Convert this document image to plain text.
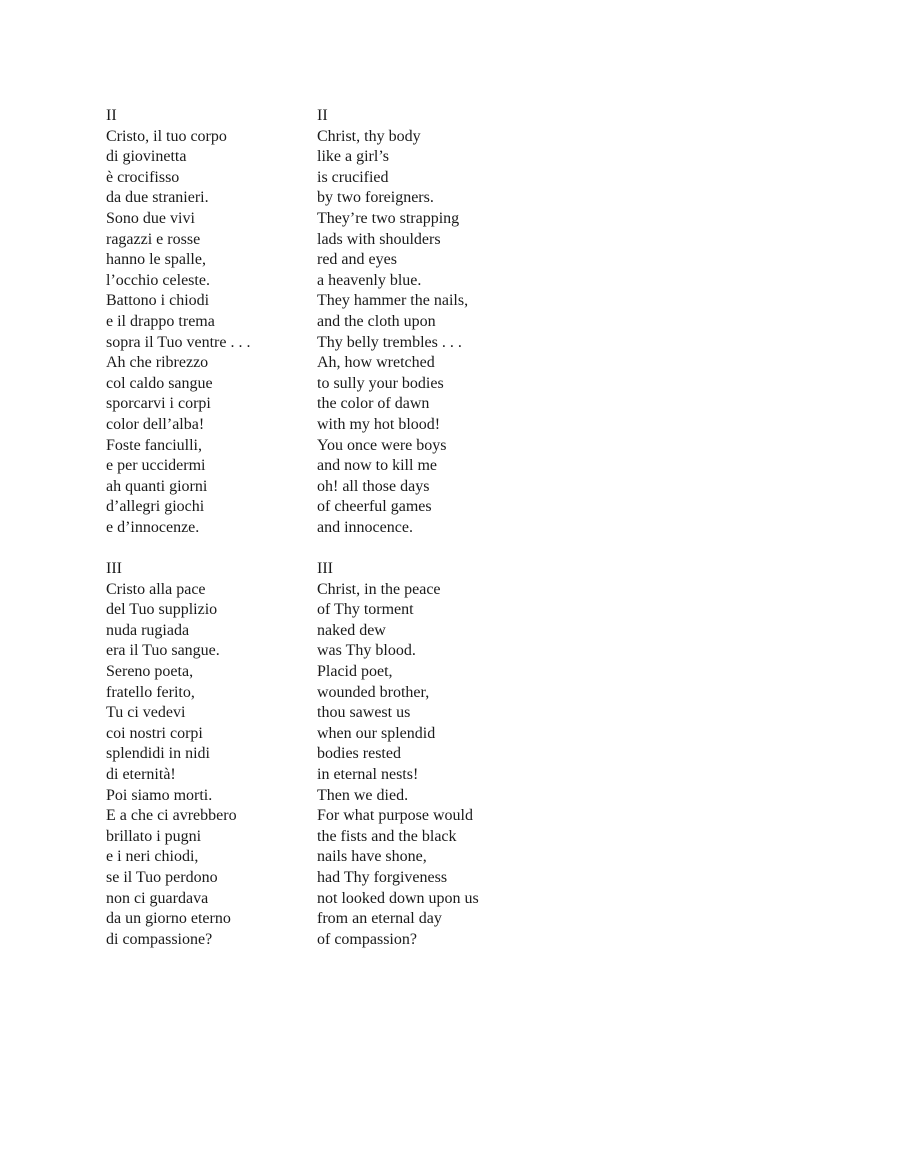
II
Cristo, il tuo corpo
di giovinetta
è crocifisso
da due stranieri.
Sono due vivi
ragazzi e rosse
hanno le spalle,
l’occhio celeste.
Battono i chiodi
e il drappo trema
sopra il Tuo ventre . . .
Ah che ribrezzo
col caldo sangue
sporcarvi i corpi
color dell’alba!
Foste fanciulli,
e per uccidermi
ah quanti giorni
d’allegri giochi
e d’innocenze.
III
Cristo alla pace
del Tuo supplizio
nuda rugiada
era il Tuo sangue.
Sereno poeta,
fratello ferito,
Tu ci vedevi
coi nostri corpi
splendidi in nidi
di eternità!
Poi siamo morti.
E a che ci avrebbero
brillato i pugni
e i neri chiodi,
se il Tuo perdono
non ci guardava
da un giorno eterno
di compassione?
II
Christ, thy body
like a girl’s
is crucified
by two foreigners.
They’re two strapping
lads with shoulders
red and eyes
a heavenly blue.
They hammer the nails,
and the cloth upon
Thy belly trembles . . .
Ah, how wretched
to sully your bodies
the color of dawn
with my hot blood!
You once were boys
and now to kill me
oh! all those days
of cheerful games
and innocence.
III
Christ, in the peace
of Thy torment
naked dew
was Thy blood.
Placid poet,
wounded brother,
thou sawest us
when our splendid
bodies rested
in eternal nests!
Then we died.
For what purpose would
the fists and the black
nails have shone,
had Thy forgiveness
not looked down upon us
from an eternal day
of compassion?
